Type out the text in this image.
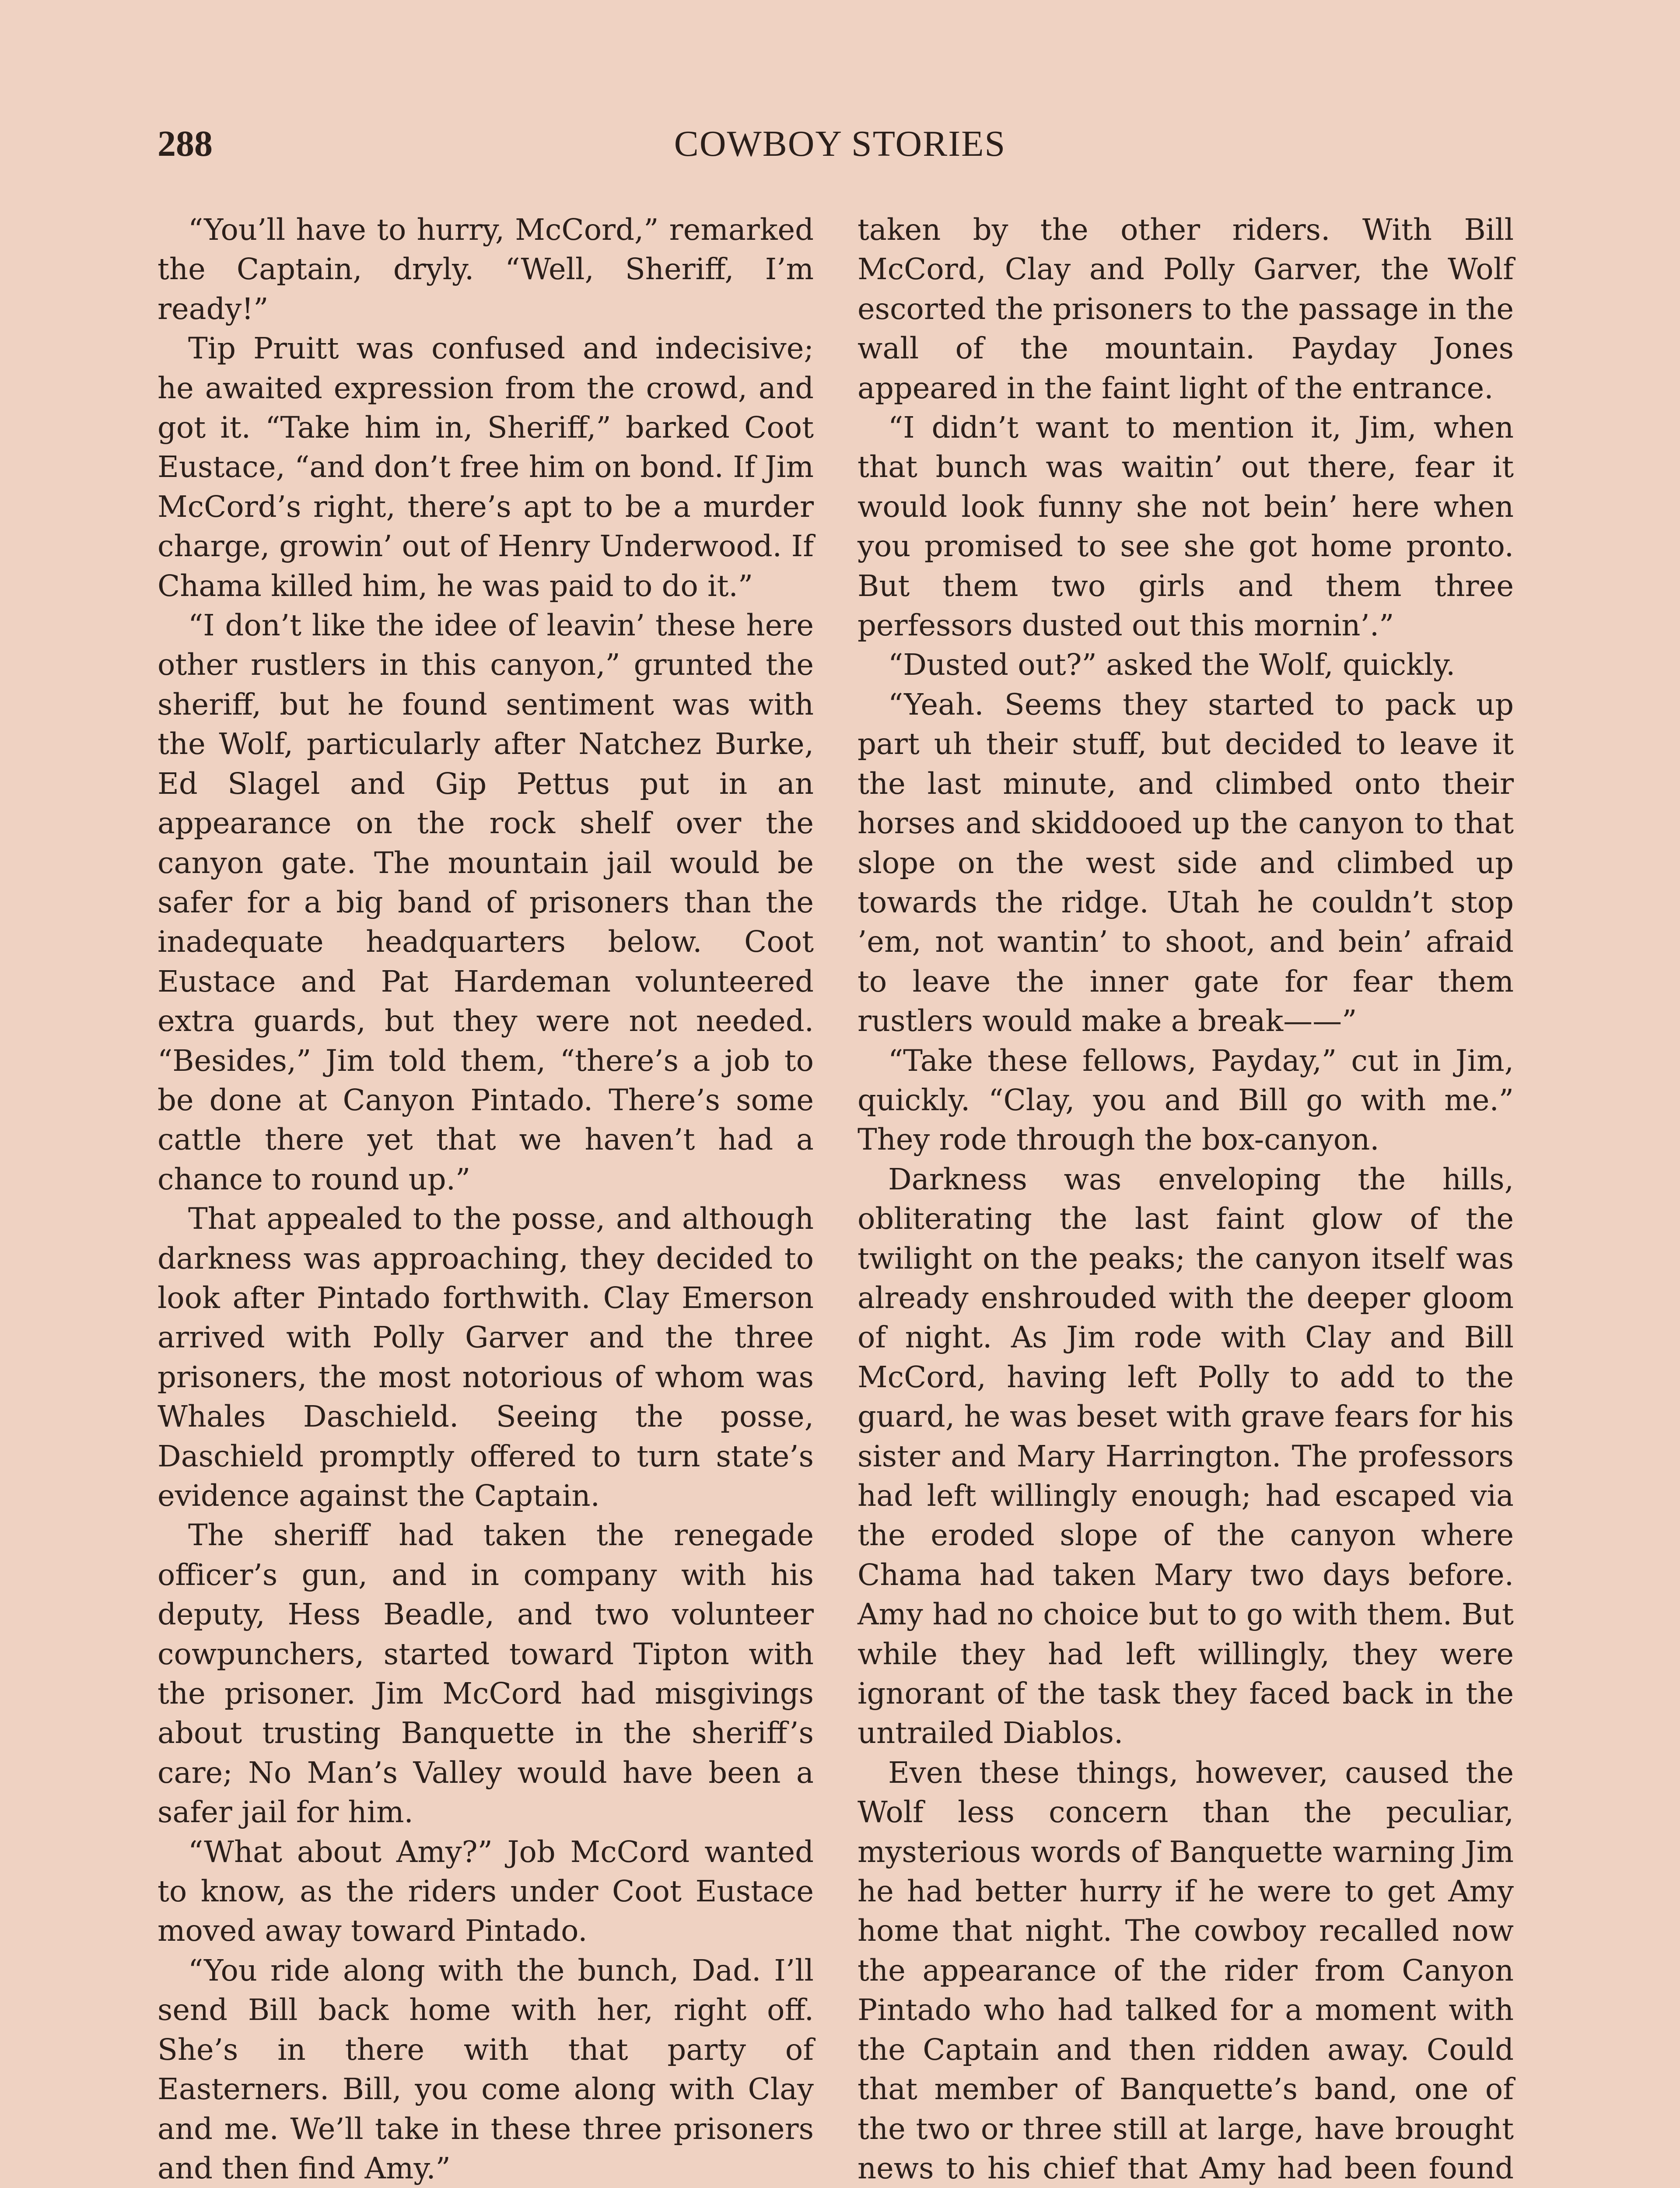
288	COWBOY STORIES

“You’ll have to hurry, McCord,” remarked the Captain, dryly. “Well, Sheriff, I’m ready!”

Tip Pruitt was confused and indecisive; he awaited expression from the crowd, and got it. “Take him in, Sheriff,” barked Coot Eustace, “and don’t free him on bond. If Jim McCord’s right, there’s apt to be a murder charge, growin’ out of Henry Underwood. If Chama killed him, he was paid to do it.”

“I don’t like the idee of leavin’ these here other rustlers in this canyon,” grunted the sheriff, but he found sentiment was with the Wolf, particularly after Natchez Burke, Ed Slagel and Gip Pettus put in an appearance on the rock shelf over the canyon gate. The mountain jail would be safer for a big band of prisoners than the inadequate headquarters below. Coot Eustace and Pat Hardeman volunteered extra guards, but they were not needed. “Besides,” Jim told them, “there’s a job to be done at Canyon Pintado. There’s some cattle there yet that we haven’t had a chance to round up.”

That appealed to the posse, and although darkness was approaching, they decided to look after Pintado forthwith. Clay Emerson arrived with Polly Garver and the three prisoners, the most notorious of whom was Whales Daschield. Seeing the posse, Daschield promptly offered to turn state’s evidence against the Captain.

The sheriff had taken the renegade officer’s gun, and in company with his deputy, Hess Beadle, and two volunteer cowpunchers, started toward Tipton with the prisoner. Jim McCord had misgivings about trusting Banquette in the sheriff’s care; No Man’s Valley would have been a safer jail for him.

“What about Amy?” Job McCord wanted to know, as the riders under Coot Eustace moved away toward Pintado.

“You ride along with the bunch, Dad. I’ll send Bill back home with her, right off. She’s in there with that party of Easterners. Bill, you come along with Clay and me. We’ll take in these three prisoners and then find Amy.”

taken by the other riders. With Bill McCord, Clay and Polly Garver, the Wolf escorted the prisoners to the passage in the wall of the mountain. Payday Jones appeared in the faint light of the entrance.

“I didn’t want to mention it, Jim, when that bunch was waitin’ out there, fear it would look funny she not bein’ here when you promised to see she got home pronto. But them two girls and them three perfessors dusted out this mornin’.”

“Dusted out?” asked the Wolf, quickly.

“Yeah. Seems they started to pack up part uh their stuff, but decided to leave it the last minute, and climbed onto their horses and skiddooed up the canyon to that slope on the west side and climbed up towards the ridge. Utah he couldn’t stop ’em, not wantin’ to shoot, and bein’ afraid to leave the inner gate for fear them rustlers would make a break——”

“Take these fellows, Payday,” cut in Jim, quickly. “Clay, you and Bill go with me.” They rode through the box-canyon.

Darkness was enveloping the hills, obliterating the last faint glow of the twilight on the peaks; the canyon itself was already enshrouded with the deeper gloom of night. As Jim rode with Clay and Bill McCord, having left Polly to add to the guard, he was beset with grave fears for his sister and Mary Harrington. The professors had left willingly enough; had escaped via the eroded slope of the canyon where Chama had taken Mary two days before. Amy had no choice but to go with them. But while they had left willingly, they were ignorant of the task they faced back in the untrailed Diablos.

Even these things, however, caused the Wolf less concern than the peculiar, mysterious words of Banquette warning Jim he had better hurry if he were to get Amy home that night. The cowboy recalled now the appearance of the rider from Canyon Pintado who had talked for a moment with the Captain and then ridden away. Could that member of Banquette’s band, one of the two or three still at large, have brought news to his chief that Amy had been found
